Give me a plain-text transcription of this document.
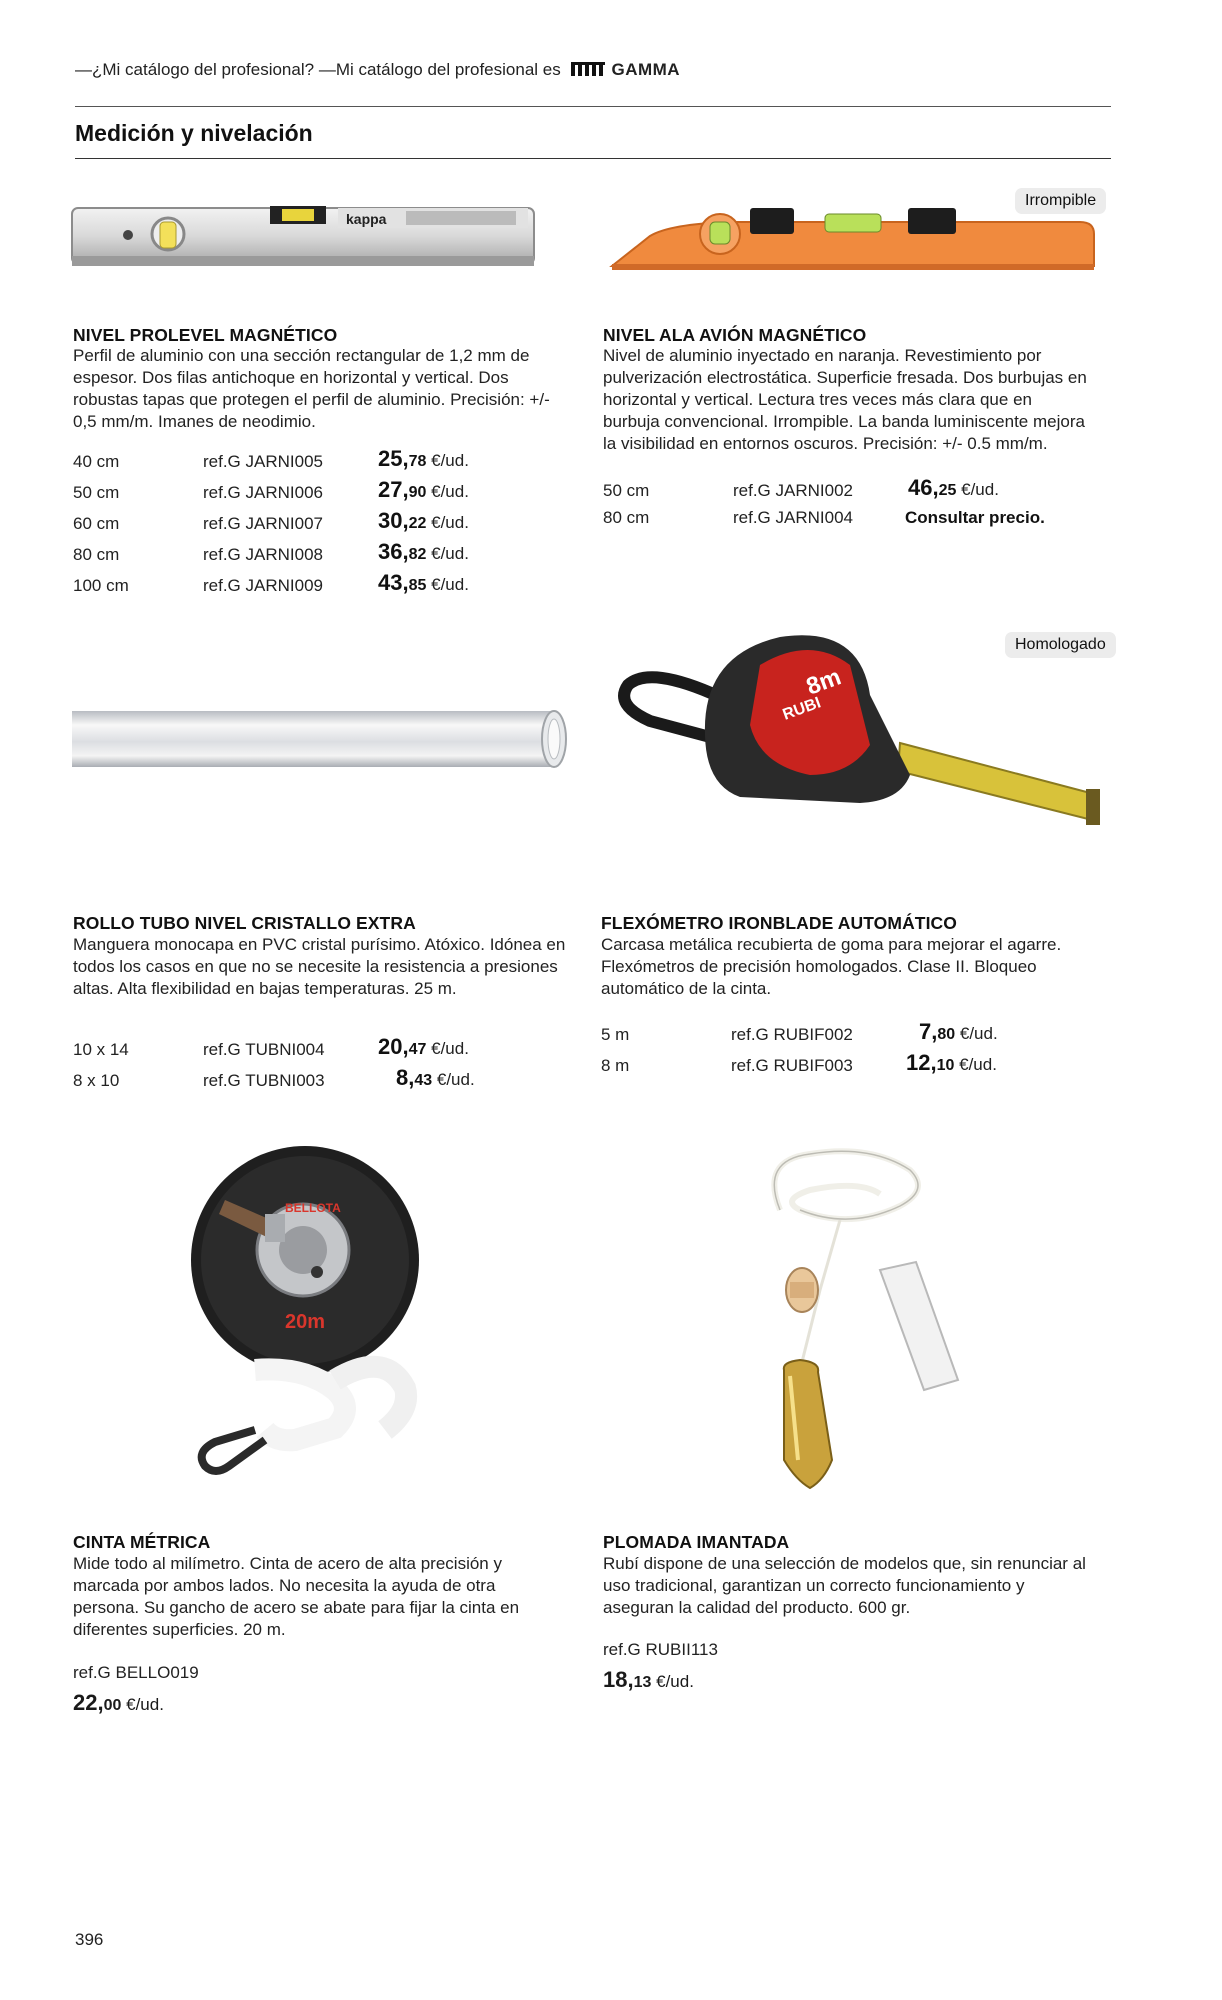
—¿Mi catálogo del profesional? —Mi catálogo del profesional es	GAMMA
Medición y nivelación
kappa
NIVEL PROLEVEL MAGNÉTICO
Perfil de aluminio con una sección rectangular de 1,2 mm de espesor. Dos filas antichoque en horizontal y vertical. Dos robustas tapas que protegen el perfil de aluminio. Precisión: +/- 0,5 mm/m. Imanes de neodimio.
40 cm	ref.G JARNI005	25,78 €/ud.
50 cm	ref.G JARNI006	27,90 €/ud.
60 cm	ref.G JARNI007	30,22 €/ud.
80 cm	ref.G JARNI008	36,82 €/ud.
100 cm	ref.G JARNI009	43,85 €/ud.
Irrompible
NIVEL ALA AVIÓN MAGNÉTICO
Nivel de aluminio inyectado en naranja. Revestimiento por pulverización electrostática. Superficie fresada. Dos burbujas en horizontal y vertical. Lectura tres veces más clara que en burbuja convencional. Irrompible. La banda luminiscente mejora la visibilidad en entornos oscuros. Precisión: +/- 0.5 mm/m.
50 cm	ref.G JARNI002	46,25 €/ud.
80 cm	ref.G JARNI004	Consultar precio.
ROLLO TUBO NIVEL CRISTALLO EXTRA
Manguera monocapa en PVC cristal purísimo. Atóxico. Idónea en todos los casos en que no se necesite la resistencia a presiones altas. Alta flexibilidad en bajas temperaturas. 25 m.
10 x 14	ref.G TUBNI004 20,47 €/ud.
8 x 10	ref.G TUBNI003	8,43 €/ud.
Homologado
RUBI
8m
FLEXÓMETRO IRONBLADE AUTOMÁTICO
Carcasa metálica recubierta de goma para mejorar el agarre. Flexómetros de precisión homologados. Clase II. Bloqueo automático de la cinta.
5 m	ref.G RUBIF002	7,80 €/ud.
8 m	ref.G RUBIF003 12,10 €/ud.
BELLOTA
20m
CINTA MÉTRICA
Mide todo al milímetro. Cinta de acero de alta precisión y marcada por ambos lados. No necesita la ayuda de otra persona. Su gancho de acero se abate para fijar la cinta en diferentes superficies. 20 m.
ref.G BELLO019
22,00 €/ud.
PLOMADA IMANTADA
Rubí dispone de una selección de modelos que, sin renunciar al uso tradicional, garantizan un correcto funcionamiento y aseguran la calidad del producto. 600 gr.
ref.G RUBII113
18,13 €/ud.
396
